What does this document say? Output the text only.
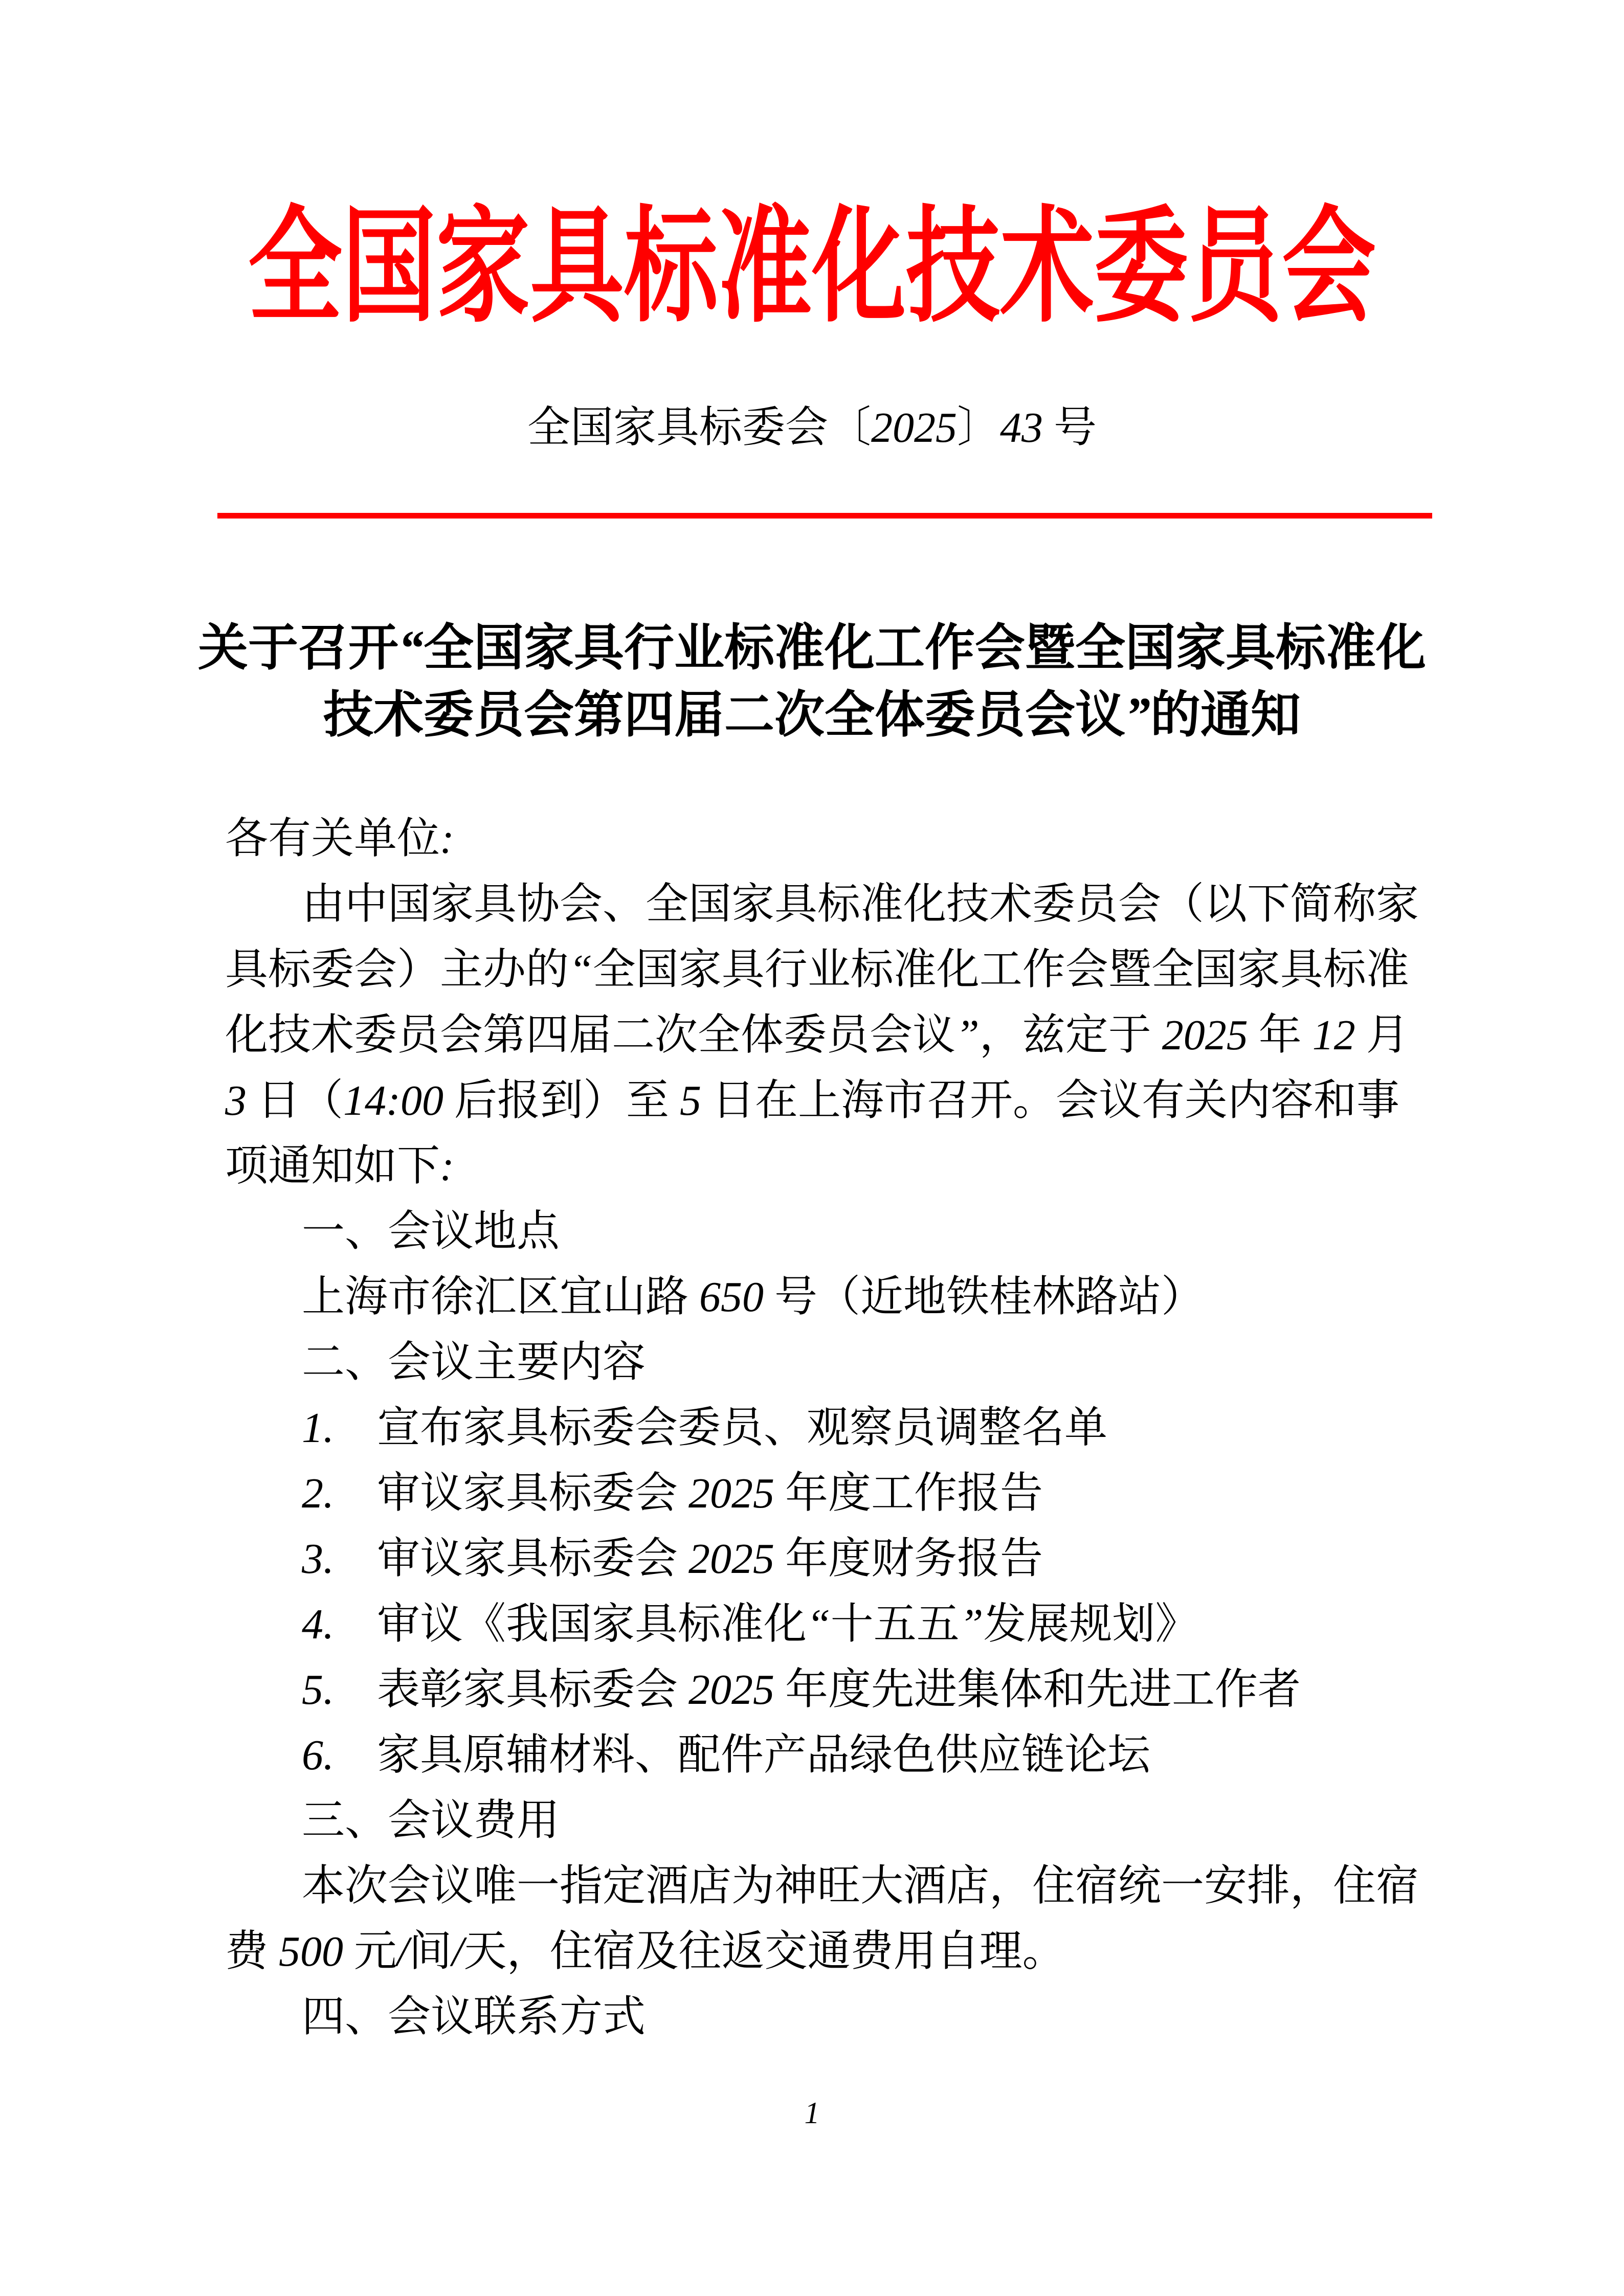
全国家具标准化技术委员会
全国家具标委会〔2025〕43 号
关于召开“全国家具行业标准化工作会暨全国家具标准化
技术委员会第四届二次全体委员会议”的通知
各有关单位:
由中国家具协会、全国家具标准化技术委员会（以下简称家
具标委会）主办的“全国家具行业标准化工作会暨全国家具标准
化技术委员会第四届二次全体委员会议”，兹定于 2025 年 12 月
3 日（14:00 后报到）至 5 日在上海市召开。会议有关内容和事
项通知如下:
一、会议地点
上海市徐汇区宜山路 650 号（近地铁桂林路站）
二、会议主要内容
1.　宣布家具标委会委员、观察员调整名单
2.　审议家具标委会 2025 年度工作报告
3.　审议家具标委会 2025 年度财务报告
4.　审议《我国家具标准化“十五五”发展规划》
5.　表彰家具标委会 2025 年度先进集体和先进工作者
6.　家具原辅材料、配件产品绿色供应链论坛
三、会议费用
本次会议唯一指定酒店为神旺大酒店，住宿统一安排，住宿
费 500 元/间/天，住宿及往返交通费用自理。
四、会议联系方式
1
